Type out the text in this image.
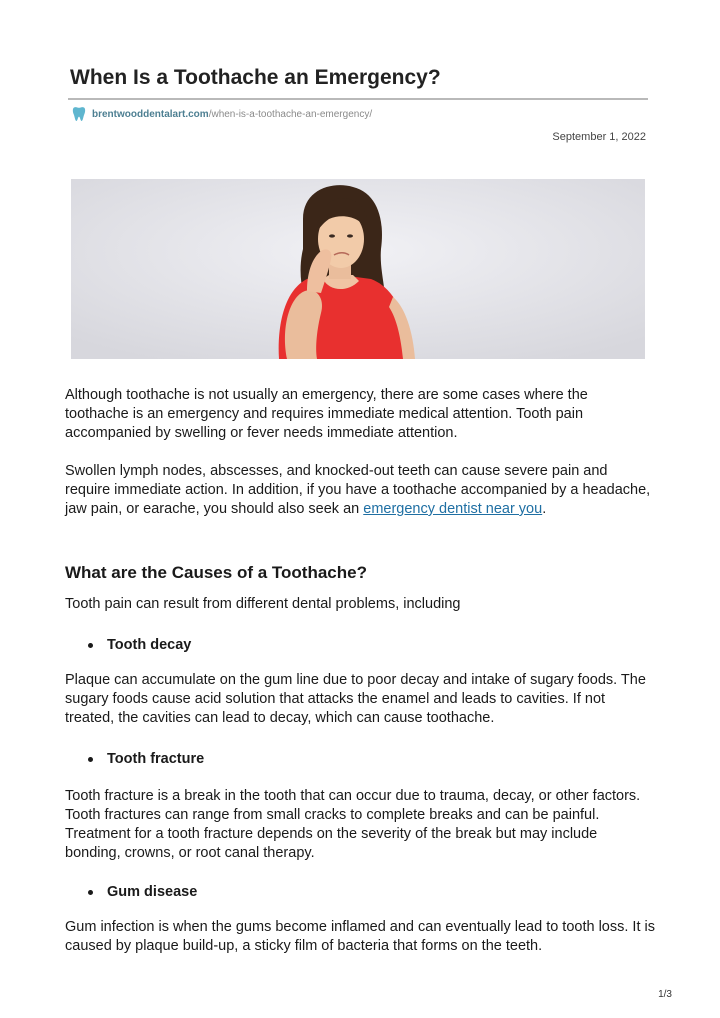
When Is a Toothache an Emergency?
brentwooddentalart.com /when-is-a-toothache-an-emergency/
September 1, 2022

Although toothache is not usually an emergency, there are some cases where the toothache is an emergency and requires immediate medical attention. Tooth pain accompanied by swelling or fever needs immediate attention.

Swollen lymph nodes, abscesses, and knocked-out teeth can cause severe pain and require immediate action. In addition, if you have a toothache accompanied by a headache, jaw pain, or earache, you should also seek an emergency dentist near you.

What are the Causes of a Toothache?

Tooth pain can result from different dental problems, including

Tooth decay

Plaque can accumulate on the gum line due to poor decay and intake of sugary foods. The sugary foods cause acid solution that attacks the enamel and leads to cavities. If not treated, the cavities can lead to decay, which can cause toothache.

Tooth fracture

Tooth fracture is a break in the tooth that can occur due to trauma, decay, or other factors. Tooth fractures can range from small cracks to complete breaks and can be painful. Treatment for a tooth fracture depends on the severity of the break but may include bonding, crowns, or root canal therapy.

Gum disease

Gum infection is when the gums become inflamed and can eventually lead to tooth loss. It is caused by plaque build-up, a sticky film of bacteria that forms on the teeth.

1/3
